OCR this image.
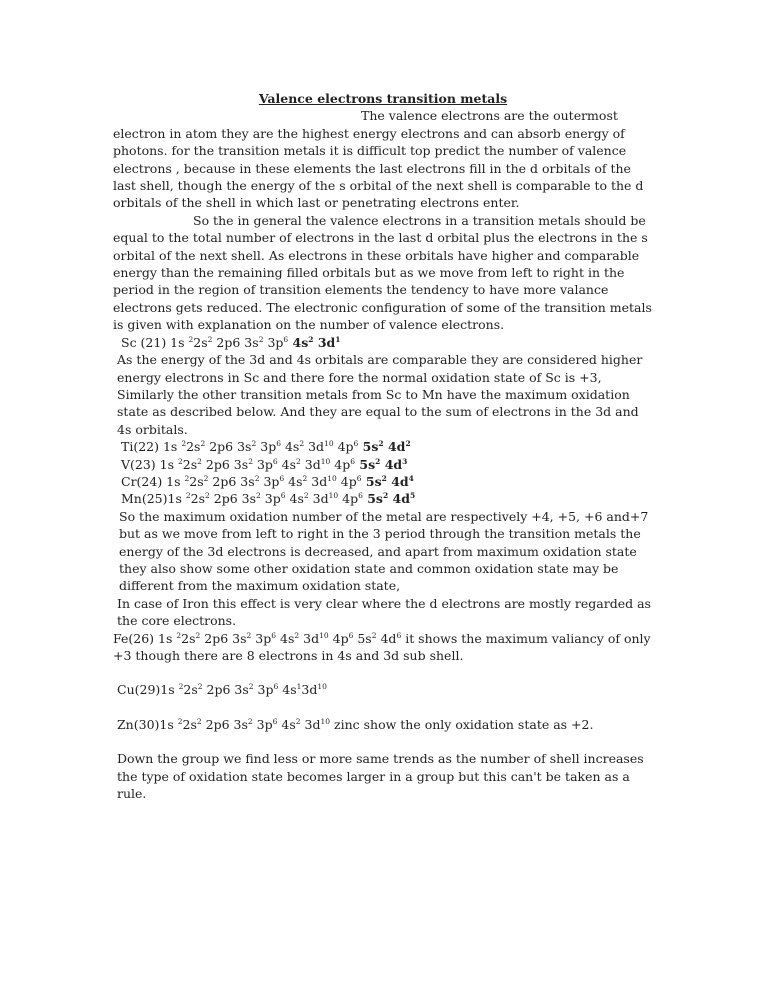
Valence electrons transition metals

The valence electrons are the outermost electron in atom they are the highest energy electrons and can absorb energy of photons. for the transition metals it is difficult top predict the number of valence electrons , because in these elements the last electrons fill in the d orbitals of the last shell, though the energy of the s orbital of the next shell is comparable to the d orbitals of the shell in which last or penetrating electrons enter.

So the in general the valence electrons in a transition metals should be equal to the total number of electrons in the last d orbital plus the electrons in the s orbital of the next shell. As electrons in these orbitals have higher and comparable energy than the remaining filled orbitals but as we move from left to right in the period in the region of transition elements the tendency to have more valance electrons gets reduced. The electronic configuration of some of the transition metals is given with explanation on the number of valence electrons.

Sc (21) 1s $^22s^2$ 2p6 $3s^2$ $3p^6$ $4s^2$ $3d^1$

As the energy of the 3d and 4s orbitals are comparable they are considered higher energy electrons in Sc and there fore the normal oxidation state of Sc is +3,

Similarly the other transition metals from Sc to Mn have the maximum oxidation state as described below. And they are equal to the sum of electrons in the 3d and 4s orbitals.

Ti(22) 1s $^22s^2$ 2p6 $3s^2$ $3p^6$ $4s^2$ $3d^{10}$ $4p^6$ $5s^2$ $4d^2$

V(23) 1s $^22s^2$ 2p6 $3s^2$ $3p^6$ $4s^2$ $3d^{10}$ $4p^6$ $5s^2$ $4d^3$

Cr(24) 1s $^22s^2$ 2p6 $3s^2$ $3p^6$ $4s^2$ $3d^{10}$ $4p^6$ $5s^2$ $4d^4$

Mn(25)1s $^22s^2$ 2p6 $3s^2$ $3p^6$ $4s^2$ $3d^{10}$ $4p^6$ $5s^2$ $4d^5$

So the maximum oxidation number of the metal are respectively +4, +5, +6 and+7 but as we move from left to right in the 3 period through the transition metals the energy of the 3d electrons is decreased, and apart from maximum oxidation state they also show some other oxidation state and common oxidation state may be different from the maximum oxidation state,

In case of Iron this effect is very clear where the d electrons are mostly regarded as the core electrons.

Fe(26) 1s $^22s^2$ 2p6 $3s^2$ $3p^6$ $4s^2$ $3d^{10}$ $4p^6$ $5s^2$ $4d^6$ it shows the maximum valiancy of only +3 though there are 8 electrons in 4s and 3d sub shell.

Cu(29)1s $^22s^2$ 2p6 $3s^2$ $3p^6$ $4s^13d^{10}$

Zn(30)1s $^22s^2$ 2p6 $3s^2$ $3p^6$ $4s^2$ $3d^{10}$ zinc show the only oxidation state as +2.

Down the group we find less or more same trends as the number of shell increases the type of oxidation state becomes larger in a group but this can't be taken as a rule.
